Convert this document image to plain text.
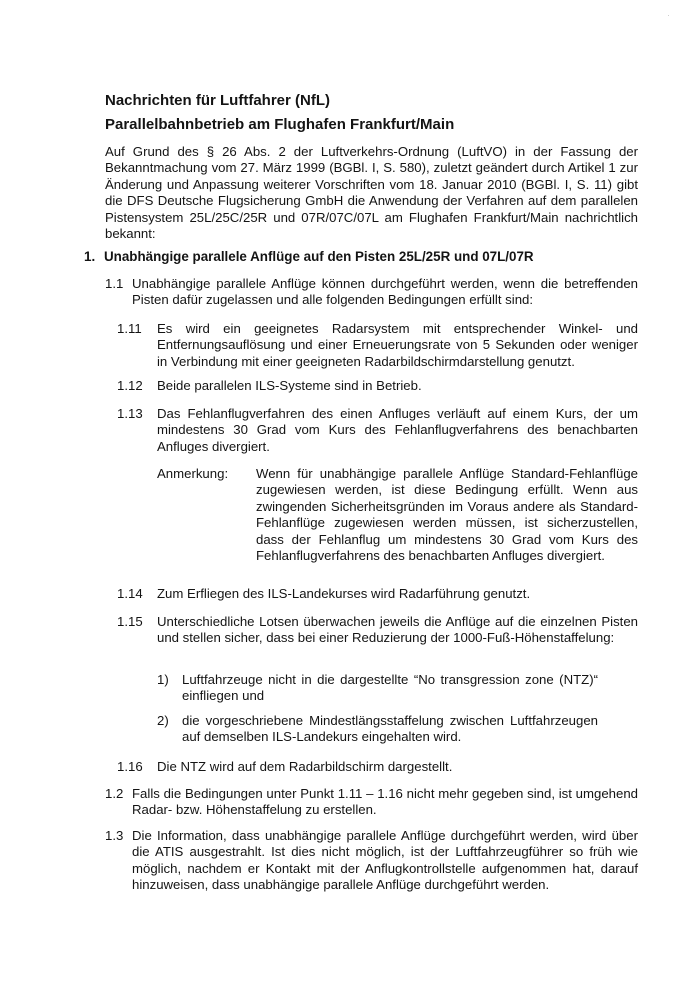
·
Nachrichten für Luftfahrer (NfL)
Parallelbahnbetrieb am Flughafen Frankfurt/Main
Auf Grund des § 26 Abs. 2 der Luftverkehrs-Ordnung (LuftVO) in der Fassung der Bekanntmachung vom 27. März 1999 (BGBl. I, S. 580), zuletzt geändert durch Artikel 1 zur Änderung und Anpassung weiterer Vorschriften vom 18. Januar 2010 (BGBl. I, S. 11) gibt die DFS Deutsche Flugsicherung GmbH die Anwendung der Verfahren auf dem parallelen Pistensystem 25L/25C/25R und 07R/07C/07L am Flughafen Frankfurt/Main nachrichtlich bekannt:
1. Unabhängige parallele Anflüge auf den Pisten 25L/25R und 07L/07R
1.1 Unabhängige parallele Anflüge können durchgeführt werden, wenn die betreffenden Pisten dafür zugelassen und alle folgenden Bedingungen erfüllt sind:
1.11 Es wird ein geeignetes Radarsystem mit entsprechender Winkel- und Entfernungsauflösung und einer Erneuerungsrate von 5 Sekunden oder weniger in Verbindung mit einer geeigneten Radarbildschirmdarstellung genutzt.
1.12 Beide parallelen ILS-Systeme sind in Betrieb.
1.13 Das Fehlanflugverfahren des einen Anfluges verläuft auf einem Kurs, der um mindestens 30 Grad vom Kurs des Fehlanflugverfahrens des benachbarten Anfluges divergiert.
Anmerkung: Wenn für unabhängige parallele Anflüge Standard-Fehlanflüge zugewiesen werden, ist diese Bedingung erfüllt. Wenn aus zwingenden Sicherheitsgründen im Voraus andere als Standard-Fehlanflüge zugewiesen werden müssen, ist sicherzustellen, dass der Fehlanflug um mindestens 30 Grad vom Kurs des Fehlanflugverfahrens des benachbarten Anfluges divergiert.
1.14 Zum Erfliegen des ILS-Landekurses wird Radarführung genutzt.
1.15 Unterschiedliche Lotsen überwachen jeweils die Anflüge auf die einzelnen Pisten und stellen sicher, dass bei einer Reduzierung der 1000-Fuß-Höhenstaffelung:
1) Luftfahrzeuge nicht in die dargestellte “No transgression zone (NTZ)“ einfliegen und
2) die vorgeschriebene Mindestlängsstaffelung zwischen Luftfahrzeugen auf demselben ILS-Landekurs eingehalten wird.
1.16 Die NTZ wird auf dem Radarbildschirm dargestellt.
1.2 Falls die Bedingungen unter Punkt 1.11 – 1.16 nicht mehr gegeben sind, ist umgehend Radar- bzw. Höhenstaffelung zu erstellen.
1.3 Die Information, dass unabhängige parallele Anflüge durchgeführt werden, wird über die ATIS ausgestrahlt. Ist dies nicht möglich, ist der Luftfahrzeugführer so früh wie möglich, nachdem er Kontakt mit der Anflugkontrollstelle aufgenommen hat, darauf hinzuweisen, dass unabhängige parallele Anflüge durchgeführt werden.
